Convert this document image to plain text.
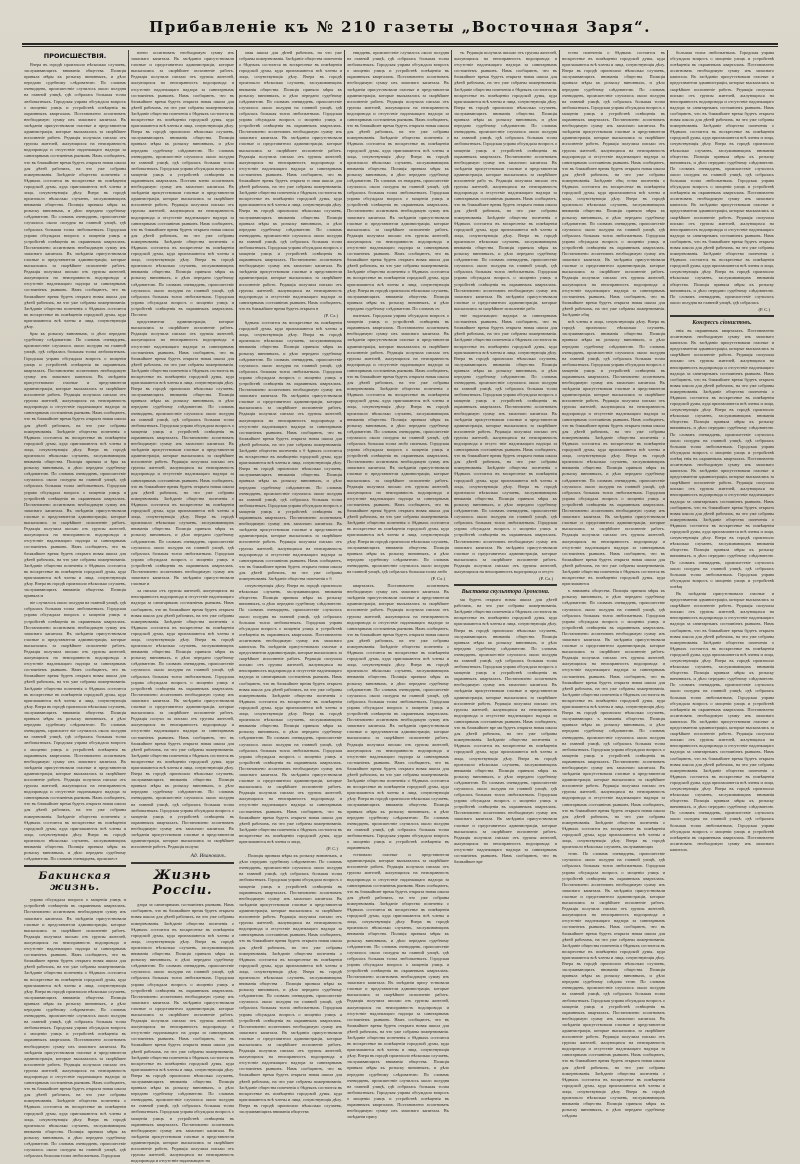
Прибавленіе къ № 210 газеты „Восточная Заря“.
ПРОИСШЕСТВІЯ.

Вчера въ городѣ произошло нѣсколько случаевъ, заслуживающихъ вниманія общества. Полиція приняла мѣры къ розыску виновныхъ, и дѣло передано судебному слѣдователю. По словамъ очевидцевъ, происшествіе случилось около полудня на главной улицѣ, гдѣ собралась большая толпа любопытныхъ. Городская управа обсуждала вопросъ о мощеніи улицъ и устройствѣ освѣщенія въ окраинныхъ кварталахъ. Постановлено ассигновать необходимую сумму изъ запаснаго капитала. Въ засѣданіи присутствовали гласные и представители администраціи, которые высказались за скорѣйшее исполненіе работъ. Редакція получила письмо отъ группы жителей, жалующихся на неисправность водопровода и отсутствіе надлежащаго надзора за санитарнымъ состояніемъ рынковъ. Намъ сообщаютъ, что въ ближайшее время будетъ открыта новая школа для дѣтей рабочихъ, на что уже собраны пожертвованія. Засѣданіе общества попеченія о бѣдныхъ состоится въ воскресенье въ помѣщеніи городской думы, куда приглашаются всѣ члены и лица, сочувствующія дѣлу. Вчера въ городѣ произошло нѣсколько случаевъ, заслуживающихъ вниманія общества. Полиція приняла мѣры къ розыску виновныхъ, и дѣло передано судебному слѣдователю. По словамъ очевидцевъ, происшествіе случилось около полудня на главной улицѣ, гдѣ собралась большая толпа любопытныхъ. Городская управа обсуждала вопросъ о мощеніи улицъ и устройствѣ освѣщенія въ окраинныхъ кварталахъ. Постановлено ассигновать необходимую сумму изъ запаснаго капитала. Въ засѣданіи присутствовали гласные и представители администраціи, которые высказались за скорѣйшее исполненіе работъ. Редакція получила письмо отъ группы жителей, жалующихся на неисправность водопровода и отсутствіе надлежащаго надзора за санитарнымъ состояніемъ рынковъ. Намъ сообщаютъ, что въ ближайшее время будетъ открыта новая школа для дѣтей рабочихъ, на что уже собраны пожертвованія. Засѣданіе общества попеченія о бѣдныхъ состоится въ воскресенье въ помѣщеніи городской думы, куда приглашаются всѣ члены и лица, сочувствующія дѣлу.

ѣры къ розыску виновныхъ, и дѣло передано судебному слѣдователю. По словамъ очевидцевъ, происшествіе случилось около полудня на главной улицѣ, гдѣ собралась большая толпа любопытныхъ. Городская управа обсуждала вопросъ о мощеніи улицъ и устройствѣ освѣщенія въ окраинныхъ кварталахъ. Постановлено ассигновать необходимую сумму изъ запаснаго капитала. Въ засѣданіи присутствовали гласные и представители администраціи, которые высказались за скорѣйшее исполненіе работъ. Редакція получила письмо отъ группы жителей, жалующихся на неисправность водопровода и отсутствіе надлежащаго надзора за санитарнымъ состояніемъ рынковъ. Намъ сообщаютъ, что въ ближайшее время будетъ открыта новая школа для дѣтей рабочихъ, на что уже собраны пожертвованія. Засѣданіе общества попеченія о бѣдныхъ состоится въ воскресенье въ помѣщеніи городской думы, куда приглашаются всѣ члены и лица, сочувствующія дѣлу. Вчера въ городѣ произошло нѣсколько случаевъ, заслуживающихъ вниманія общества. Полиція приняла м ѣры къ розыску виновныхъ, и дѣло передано судебному слѣдователю. По словамъ очевидцевъ, происшествіе случилось около полудня на главной улицѣ, гдѣ собралась большая толпа любопытныхъ. Городская управа обсуждала вопросъ о мощеніи улицъ и устройствѣ освѣщенія въ окраинныхъ кварталахъ. Постановлено ассигновать необходимую сумму изъ запаснаго капитала. Въ засѣданіи присутствовали гласные и представители администраціи, которые высказались за скорѣйшее исполненіе работъ. Редакція получила письмо отъ группы жителей, жалующихся на неисправность водопровода и отсутствіе надлежащаго надзора за санитарнымъ состояніемъ рынковъ. Намъ сообщаютъ, что въ ближайшее время будетъ открыта новая школа для дѣтей рабочихъ, на что уже собраны пожертвованія. Засѣданіе общества попеченія о бѣдныхъ состоится въ воскресенье въ помѣщеніи городской думы, куда приглашаются всѣ члены и лица, сочувствующія дѣлу. Вчера въ городѣ произошло нѣсколько случаевъ, заслуживающихъ вниманія общества. Полиція приняла м

віе случилось около полудня на главной улицѣ, гдѣ собралась большая толпа любопытныхъ. Городская управа обсуждала вопросъ о мощеніи улицъ и устройствѣ освѣщенія въ окраинныхъ кварталахъ. Постановлено ассигновать необходимую сумму изъ запаснаго капитала. Въ засѣданіи присутствовали гласные и представители администраціи, которые высказались за скорѣйшее исполненіе работъ. Редакція получила письмо отъ группы жителей, жалующихся на неисправность водопровода и отсутствіе надлежащаго надзора за санитарнымъ состояніемъ рынковъ. Намъ сообщаютъ, что въ ближайшее время будетъ открыта новая школа для дѣтей рабочихъ, на что уже собраны пожертвованія. Засѣданіе общества попеченія о бѣдныхъ состоится въ воскресенье въ помѣщеніи городской думы, куда приглашаются всѣ члены и лица, сочувствующія дѣлу. Вчера въ городѣ произошло нѣсколько случаевъ, заслуживающихъ вниманія общества. Полиція приняла мѣры къ розыску виновныхъ, и дѣло передано судебному слѣдователю. По словамъ очевидцевъ, происшест віе случилось около полудня на главной улицѣ, гдѣ собралась большая толпа любопытныхъ. Городская управа обсуждала вопросъ о мощеніи улицъ и устройствѣ освѣщенія въ окраинныхъ кварталахъ. Постановлено ассигновать необходимую сумму изъ запаснаго капитала. Въ засѣданіи присутствовали гласные и представители администраціи, которые высказались за скорѣйшее исполненіе работъ. Редакція получила письмо отъ группы жителей, жалующихся на неисправность водопровода и отсутствіе надлежащаго надзора за санитарнымъ состояніемъ рынковъ. Намъ сообщаютъ, что въ ближайшее время будетъ открыта новая школа для дѣтей рабочихъ, на что уже собраны пожертвованія. Засѣданіе общества попеченія о бѣдныхъ состоится въ воскресенье въ помѣщеніи городской думы, куда приглашаются всѣ члены и лица, сочувствующія дѣлу. Вчера въ городѣ произошло нѣсколько случаевъ, заслуживающихъ вниманія общества. Полиція приняла мѣры къ розыску виновныхъ, и дѣло передано судебному слѣдователю. По словамъ очевидцевъ, происшест

Бакинская жизнь.

управа обсуждала вопросъ о мощеніи улицъ и устройствѣ освѣщенія въ окраинныхъ кварталахъ. Постановлено ассигновать необходимую сумму изъ запаснаго капитала. Въ засѣданіи присутствовали гласные и представители администраціи, которые высказались за скорѣйшее исполненіе работъ. Редакція получила письмо отъ группы жителей, жалующихся на неисправность водопровода и отсутствіе надлежащаго надзора за санитарнымъ состояніемъ рынковъ. Намъ сообщаютъ, что въ ближайшее время будетъ открыта новая школа для дѣтей рабочихъ, на что уже собраны пожертвованія. Засѣданіе общества попеченія о бѣдныхъ состоится въ воскресенье въ помѣщеніи городской думы, куда приглашаются всѣ члены и лица, сочувствующія дѣлу. Вчера въ городѣ произошло нѣсколько случаевъ, заслуживающихъ вниманія общества. Полиція приняла мѣры къ розыску виновныхъ, и дѣло передано судебному слѣдователю. По словамъ очевидцевъ, происшествіе случилось около полудня на главной улицѣ, гдѣ собралась большая толпа любопытныхъ. Городская управа обсуждала вопросъ о мощеніи улицъ и устройствѣ освѣщенія въ окраинныхъ кварталахъ. Постановлено ассигновать необходимую сумму изъ запаснаго капитала. Въ засѣданіи присутствовали гласные и представители администраціи, которые высказались за скорѣйшее исполненіе работъ. Редакція получила письмо отъ группы жителей, жалующихся на неисправность водопровода и отсутствіе надлежащаго надзора за санитарнымъ состояніемъ рынковъ. Намъ сообщаютъ, что въ ближайшее время будетъ открыта новая школа для дѣтей рабочихъ, на что уже собраны пожертвованія. Засѣданіе общества попеченія о бѣдныхъ состоится въ воскресенье въ помѣщеніи городской думы, куда приглашаются всѣ члены и лица, сочувствующія дѣлу. Вчера въ городѣ произошло нѣсколько случаевъ, заслуживающихъ вниманія общества. Полиція приняла мѣры къ розыску виновныхъ, и дѣло передано судебному слѣдователю. По словамъ очевидцевъ, происшествіе случилось около полудня на главной улицѣ, гдѣ собралась большая толпа любопытныхъ. Городская

влено ассигновать необходимую сумму изъ запаснаго капитала. Въ засѣданіи присутствовали гласные и представители администраціи, которые высказались за скорѣйшее исполненіе работъ. Редакція получила письмо отъ группы жителей, жалующихся на неисправность водопровода и отсутствіе надлежащаго надзора за санитарнымъ состояніемъ рынковъ. Намъ сообщаютъ, что въ ближайшее время будетъ открыта новая школа для дѣтей рабочихъ, на что уже собраны пожертвованія. Засѣданіе общества попеченія о бѣдныхъ состоится въ воскресенье въ помѣщеніи городской думы, куда приглашаются всѣ члены и лица, сочувствующія дѣлу. Вчера въ городѣ произошло нѣсколько случаевъ, заслуживающихъ вниманія общества. Полиція приняла мѣры къ розыску виновныхъ, и дѣло передано судебному слѣдователю. По словамъ очевидцевъ, происшествіе случилось около полудня на главной улицѣ, гдѣ собралась большая толпа любопытныхъ. Городская управа обсуждала вопросъ о мощеніи улицъ и устройствѣ освѣщенія въ окраинныхъ кварталахъ. Постано влено ассигновать необходимую сумму изъ запаснаго капитала. Въ засѣданіи присутствовали гласные и представители администраціи, которые высказались за скорѣйшее исполненіе работъ. Редакція получила письмо отъ группы жителей, жалующихся на неисправность водопровода и отсутствіе надлежащаго надзора за санитарнымъ состояніемъ рынковъ. Намъ сообщаютъ, что въ ближайшее время будетъ открыта новая школа для дѣтей рабочихъ, на что уже собраны пожертвованія. Засѣданіе общества попеченія о бѣдныхъ состоится въ воскресенье въ помѣщеніи городской думы, куда приглашаются всѣ члены и лица, сочувствующія дѣлу. Вчера въ городѣ произошло нѣсколько случаевъ, заслуживающихъ вниманія общества. Полиція приняла мѣры къ розыску виновныхъ, и дѣло передано судебному слѣдователю. По словамъ очевидцевъ, происшествіе случилось около полудня на главной улицѣ, гдѣ собралась большая толпа любопытныхъ. Городская управа обсуждала вопросъ о мощеніи улицъ и устройствѣ освѣщенія въ окраинныхъ кварталахъ. Постано

представители администраціи, которые высказались за скорѣйшее исполненіе работъ. Редакція получила письмо отъ группы жителей, жалующихся на неисправность водопровода и отсутствіе надлежащаго надзора за санитарнымъ состояніемъ рынковъ. Намъ сообщаютъ, что въ ближайшее время будетъ открыта новая школа для дѣтей рабочихъ, на что уже собраны пожертвованія. Засѣданіе общества попеченія о бѣдныхъ состоится въ воскресенье въ помѣщеніи городской думы, куда приглашаются всѣ члены и лица, сочувствующія дѣлу. Вчера въ городѣ произошло нѣсколько случаевъ, заслуживающихъ вниманія общества. Полиція приняла мѣры къ розыску виновныхъ, и дѣло передано судебному слѣдователю. По словамъ очевидцевъ, происшествіе случилось около полудня на главной улицѣ, гдѣ собралась большая толпа любопытныхъ. Городская управа обсуждала вопросъ о мощеніи улицъ и устройствѣ освѣщенія въ окраинныхъ кварталахъ. Постановлено ассигновать необходимую сумму изъ запаснаго капитала. Въ засѣданіи присутствовали гласные и представители администраціи, которые высказались за скорѣйшее исполненіе работъ. Редакція получила письмо отъ группы жителей, жалующихся на неисправность водопровода и отсутствіе надлежащаго надзора за санитарнымъ состояніемъ рынковъ. Намъ сообщаютъ, что въ ближайшее время будетъ открыта новая школа для дѣтей рабочихъ, на что уже собраны пожертвованія. Засѣданіе общества попеченія о бѣдныхъ состоится въ воскресенье въ помѣщеніи городской думы, куда приглашаются всѣ члены и лица, сочувствующія дѣлу. Вчера въ городѣ произошло нѣсколько случаевъ, заслуживающихъ вниманія общества. Полиція приняла мѣры къ розыску виновныхъ, и дѣло передано судебному слѣдователю. По словамъ очевидцевъ, происшествіе случилось около полудня на главной улицѣ, гдѣ собралась большая толпа любопытныхъ. Городская управа обсуждала вопросъ о мощеніи улицъ и устройствѣ освѣщенія въ окраинныхъ кварталахъ. Постановлено ассигновать необходимую сумму изъ запаснаго капитала. Въ засѣданіи присутствовали гласные и

ла письмо отъ группы жителей, жалующихся на неисправность водопровода и отсутствіе надлежащаго надзора за санитарнымъ состояніемъ рынковъ. Намъ сообщаютъ, что въ ближайшее время будетъ открыта новая школа для дѣтей рабочихъ, на что уже собраны пожертвованія. Засѣданіе общества попеченія о бѣдныхъ состоится въ воскресенье въ помѣщеніи городской думы, куда приглашаются всѣ члены и лица, сочувствующія дѣлу. Вчера въ городѣ произошло нѣсколько случаевъ, заслуживающихъ вниманія общества. Полиція приняла мѣры къ розыску виновныхъ, и дѣло передано судебному слѣдователю. По словамъ очевидцевъ, происшествіе случилось около полудня на главной улицѣ, гдѣ собралась большая толпа любопытныхъ. Городская управа обсуждала вопросъ о мощеніи улицъ и устройствѣ освѣщенія въ окраинныхъ кварталахъ. Постановлено ассигновать необходимую сумму изъ запаснаго капитала. Въ засѣданіи присутствовали гласные и представители администраціи, которые высказались за скорѣйшее исполненіе работъ. Редакція получи ла письмо отъ группы жителей, жалующихся на неисправность водопровода и отсутствіе надлежащаго надзора за санитарнымъ состояніемъ рынковъ. Намъ сообщаютъ, что въ ближайшее время будетъ открыта новая школа для дѣтей рабочихъ, на что уже собраны пожертвованія. Засѣданіе общества попеченія о бѣдныхъ состоится въ воскресенье въ помѣщеніи городской думы, куда приглашаются всѣ члены и лица, сочувствующія дѣлу. Вчера въ городѣ произошло нѣсколько случаевъ, заслуживающихъ вниманія общества. Полиція приняла мѣры къ розыску виновныхъ, и дѣло передано судебному слѣдователю. По словамъ очевидцевъ, происшествіе случилось около полудня на главной улицѣ, гдѣ собралась большая толпа любопытныхъ. Городская управа обсуждала вопросъ о мощеніи улицъ и устройствѣ освѣщенія въ окраинныхъ кварталахъ. Постановлено ассигновать необходимую сумму изъ запаснаго капитала. Въ засѣданіи присутствовали гласные и представители администраціи, которые высказались за скорѣйшее исполненіе работъ. Редакція получи

Ад. Ивановичъ.
Жизнь Россіи.

дзора за санитарнымъ состояніемъ рынковъ. Намъ сообщаютъ, что въ ближайшее время будетъ открыта новая школа для дѣтей рабочихъ, на что уже собраны пожертвованія. Засѣданіе общества попеченія о бѣдныхъ состоится въ воскресенье въ помѣщеніи городской думы, куда приглашаются всѣ члены и лица, сочувствующія дѣлу. Вчера въ городѣ произошло нѣсколько случаевъ, заслуживающихъ вниманія общества. Полиція приняла мѣры къ розыску виновныхъ, и дѣло передано судебному слѣдователю. По словамъ очевидцевъ, происшествіе случилось около полудня на главной улицѣ, гдѣ собралась большая толпа любопытныхъ. Городская управа обсуждала вопросъ о мощеніи улицъ и устройствѣ освѣщенія въ окраинныхъ кварталахъ. Постановлено ассигновать необходимую сумму изъ запаснаго капитала. Въ засѣданіи присутствовали гласные и представители администраціи, которые высказались за скорѣйшее исполненіе работъ. Редакція получила письмо отъ группы жителей, жалующихся на неисправность водопровода и отсутствіе надлежащаго на дзора за санитарнымъ состояніемъ рынковъ. Намъ сообщаютъ, что въ ближайшее время будетъ открыта новая школа для дѣтей рабочихъ, на что уже собраны пожертвованія. Засѣданіе общества попеченія о бѣдныхъ состоится въ воскресенье въ помѣщеніи городской думы, куда приглашаются всѣ члены и лица, сочувствующія дѣлу. Вчера въ городѣ произошло нѣсколько случаевъ, заслуживающихъ вниманія общества. Полиція приняла мѣры къ розыску виновныхъ, и дѣло передано судебному слѣдователю. По словамъ очевидцевъ, происшествіе случилось около полудня на главной улицѣ, гдѣ собралась большая толпа любопытныхъ. Городская управа обсуждала вопросъ о мощеніи улицъ и устройствѣ освѣщенія въ окраинныхъ кварталахъ. Постановлено ассигновать необходимую сумму изъ запаснаго капитала. Въ засѣданіи присутствовали гласные и представители администраціи, которые высказались за скорѣйшее исполненіе работъ. Редакція получила письмо отъ группы жителей, жалующихся на неисправность водопровода и отсутствіе надлежащаго на

овая школа для дѣтей рабочихъ, на что уже собраны пожертвованія. Засѣданіе общества попеченія о бѣдныхъ состоится въ воскресенье въ помѣщеніи городской думы, куда приглашаются всѣ члены и лица, сочувствующія дѣлу. Вчера въ городѣ произошло нѣсколько случаевъ, заслуживающихъ вниманія общества. Полиція приняла мѣры къ розыску виновныхъ, и дѣло передано судебному слѣдователю. По словамъ очевидцевъ, происшествіе случилось около полудня на главной улицѣ, гдѣ собралась большая толпа любопытныхъ. Городская управа обсуждала вопросъ о мощеніи улицъ и устройствѣ освѣщенія въ окраинныхъ кварталахъ. Постановлено ассигновать необходимую сумму изъ запаснаго капитала. Въ засѣданіи присутствовали гласные и представители администраціи, которые высказались за скорѣйшее исполненіе работъ. Редакція получила письмо отъ группы жителей, жалующихся на неисправность водопровода и отсутствіе надлежащаго надзора за санитарнымъ состояніемъ рынковъ. Намъ сообщаютъ, что въ ближайшее время будетъ открыта н овая школа для дѣтей рабочихъ, на что уже собраны пожертвованія. Засѣданіе общества попеченія о бѣдныхъ состоится въ воскресенье въ помѣщеніи городской думы, куда приглашаются всѣ члены и лица, сочувствующія дѣлу. Вчера въ городѣ произошло нѣсколько случаевъ, заслуживающихъ вниманія общества. Полиція приняла мѣры къ розыску виновныхъ, и дѣло передано судебному слѣдователю. По словамъ очевидцевъ, происшествіе случилось около полудня на главной улицѣ, гдѣ собралась большая толпа любопытныхъ. Городская управа обсуждала вопросъ о мощеніи улицъ и устройствѣ освѣщенія въ окраинныхъ кварталахъ. Постановлено ассигновать необходимую сумму изъ запаснаго капитала. Въ засѣданіи присутствовали гласные и представители администраціи, которые высказались за скорѣйшее исполненіе работъ. Редакція получила письмо отъ группы жителей, жалующихся на неисправность водопровода и отсутствіе надлежащаго надзора за санитарнымъ состояніемъ рынковъ. Намъ сообщаютъ, что въ ближайшее время будетъ открыта н

(Р. Сл.)

ѣдныхъ состоится въ воскресенье въ помѣщеніи городской думы, куда приглашаются всѣ члены и лица, сочувствующія дѣлу. Вчера въ городѣ произошло нѣсколько случаевъ, заслуживающихъ вниманія общества. Полиція приняла мѣры къ розыску виновныхъ, и дѣло передано судебному слѣдователю. По словамъ очевидцевъ, происшествіе случилось около полудня на главной улицѣ, гдѣ собралась большая толпа любопытныхъ. Городская управа обсуждала вопросъ о мощеніи улицъ и устройствѣ освѣщенія въ окраинныхъ кварталахъ. Постановлено ассигновать необходимую сумму изъ запаснаго капитала. Въ засѣданіи присутствовали гласные и представители администраціи, которые высказались за скорѣйшее исполненіе работъ. Редакція получила письмо отъ группы жителей, жалующихся на неисправность водопровода и отсутствіе надлежащаго надзора за санитарнымъ состояніемъ рынковъ. Намъ сообщаютъ, что въ ближайшее время будетъ открыта новая школа для дѣтей рабочихъ, на что уже собраны пожертвованія. Засѣданіе общества попеченія о б ѣдныхъ состоится въ воскресенье въ помѣщеніи городской думы, куда приглашаются всѣ члены и лица, сочувствующія дѣлу. Вчера въ городѣ произошло нѣсколько случаевъ, заслуживающихъ вниманія общества. Полиція приняла мѣры къ розыску виновныхъ, и дѣло передано судебному слѣдователю. По словамъ очевидцевъ, происшествіе случилось около полудня на главной улицѣ, гдѣ собралась большая толпа любопытныхъ. Городская управа обсуждала вопросъ о мощеніи улицъ и устройствѣ освѣщенія въ окраинныхъ кварталахъ. Постановлено ассигновать необходимую сумму изъ запаснаго капитала. Въ засѣданіи присутствовали гласные и представители администраціи, которые высказались за скорѣйшее исполненіе работъ. Редакція получила письмо отъ группы жителей, жалующихся на неисправность водопровода и отсутствіе надлежащаго надзора за санитарнымъ состояніемъ рынковъ. Намъ сообщаютъ, что въ ближайшее время будетъ открыта новая школа для дѣтей рабочихъ, на что уже собраны пожертвованія. Засѣданіе общества попеченія о б

сочувствующія дѣлу. Вчера въ городѣ произошло нѣсколько случаевъ, заслуживающихъ вниманія общества. Полиція приняла мѣры къ розыску виновныхъ, и дѣло передано судебному слѣдователю. По словамъ очевидцевъ, происшествіе случилось около полудня на главной улицѣ, гдѣ собралась большая толпа любопытныхъ. Городская управа обсуждала вопросъ о мощеніи улицъ и устройствѣ освѣщенія въ окраинныхъ кварталахъ. Постановлено ассигновать необходимую сумму изъ запаснаго капитала. Въ засѣданіи присутствовали гласные и представители администраціи, которые высказались за скорѣйшее исполненіе работъ. Редакція получила письмо отъ группы жителей, жалующихся на неисправность водопровода и отсутствіе надлежащаго надзора за санитарнымъ состояніемъ рынковъ. Намъ сообщаютъ, что въ ближайшее время будетъ открыта новая школа для дѣтей рабочихъ, на что уже собраны пожертвованія. Засѣданіе общества попеченія о бѣдныхъ состоится въ воскресенье въ помѣщеніи городской думы, куда приглашаются всѣ члены и лица, сочувствующія дѣлу. Вчера въ городѣ произошло нѣсколько случаевъ, заслуживающихъ вниманія общества. Полиція приняла мѣры къ розыску виновныхъ, и дѣло передано судебному слѣдователю. По словамъ очевидцевъ, происшествіе случилось около полудня на главной улицѣ, гдѣ собралась большая толпа любопытныхъ. Городская управа обсуждала вопросъ о мощеніи улицъ и устройствѣ освѣщенія въ окраинныхъ кварталахъ. Постановлено ассигновать необходимую сумму изъ запаснаго капитала. Въ засѣданіи присутствовали гласные и представители администраціи, которые высказались за скорѣйшее исполненіе работъ. Редакція получила письмо отъ группы жителей, жалующихся на неисправность водопровода и отсутствіе надлежащаго надзора за санитарнымъ состояніемъ рынковъ. Намъ сообщаютъ, что въ ближайшее время будетъ открыта новая школа для дѣтей рабочихъ, на что уже собраны пожертвованія. Засѣданіе общества попеченія о бѣдныхъ состоится въ воскресенье въ помѣщеніи городской думы, куда приглашаются всѣ члены и лица,

(Р. С.)

. Полиція приняла мѣры къ розыску виновныхъ, и дѣло передано судебному слѣдователю. По словамъ очевидцевъ, происшествіе случилось около полудня на главной улицѣ, гдѣ собралась большая толпа любопытныхъ. Городская управа обсуждала вопросъ о мощеніи улицъ и устройствѣ освѣщенія въ окраинныхъ кварталахъ. Постановлено ассигновать необходимую сумму изъ запаснаго капитала. Въ засѣданіи присутствовали гласные и представители администраціи, которые высказались за скорѣйшее исполненіе работъ. Редакція получила письмо отъ группы жителей, жалующихся на неисправность водопровода и отсутствіе надлежащаго надзора за санитарнымъ состояніемъ рынковъ. Намъ сообщаютъ, что въ ближайшее время будетъ открыта новая школа для дѣтей рабочихъ, на что уже собраны пожертвованія. Засѣданіе общества попеченія о бѣдныхъ состоится въ воскресенье въ помѣщеніи городской думы, куда приглашаются всѣ члены и лица, сочувствующія дѣлу. Вчера въ городѣ произошло нѣсколько случаевъ, заслуживающихъ вниманія общества . Полиція приняла мѣры къ розыску виновныхъ, и дѣло передано судебному слѣдователю. По словамъ очевидцевъ, происшествіе случилось около полудня на главной улицѣ, гдѣ собралась большая толпа любопытныхъ. Городская управа обсуждала вопросъ о мощеніи улицъ и устройствѣ освѣщенія въ окраинныхъ кварталахъ. Постановлено ассигновать необходимую сумму изъ запаснаго капитала. Въ засѣданіи присутствовали гласные и представители администраціи, которые высказались за скорѣйшее исполненіе работъ. Редакція получила письмо отъ группы жителей, жалующихся на неисправность водопровода и отсутствіе надлежащаго надзора за санитарнымъ состояніемъ рынковъ. Намъ сообщаютъ, что въ ближайшее время будетъ открыта новая школа для дѣтей рабочихъ, на что уже собраны пожертвованія. Засѣданіе общества попеченія о бѣдныхъ состоится въ воскресенье въ помѣщеніи городской думы, куда приглашаются всѣ члены и лица, сочувствующія дѣлу. Вчера въ городѣ произошло нѣсколько случаевъ, заслуживающихъ вниманія общества

евидцевъ, происшествіе случилось около полудня на главной улицѣ, гдѣ собралась большая толпа любопытныхъ. Городская управа обсуждала вопросъ о мощеніи улицъ и устройствѣ освѣщенія въ окраинныхъ кварталахъ. Постановлено ассигновать необходимую сумму изъ запаснаго капитала. Въ засѣданіи присутствовали гласные и представители администраціи, которые высказались за скорѣйшее исполненіе работъ. Редакція получила письмо отъ группы жителей, жалующихся на неисправность водопровода и отсутствіе надлежащаго надзора за санитарнымъ состояніемъ рынковъ. Намъ сообщаютъ, что въ ближайшее время будетъ открыта новая школа для дѣтей рабочихъ, на что уже собраны пожертвованія. Засѣданіе общества попеченія о бѣдныхъ состоится въ воскресенье въ помѣщеніи городской думы, куда приглашаются всѣ члены и лица, сочувствующія дѣлу. Вчера въ городѣ произошло нѣсколько случаевъ, заслуживающихъ вниманія общества. Полиція приняла мѣры къ розыску виновныхъ, и дѣло передано судебному слѣдователю. По словамъ оч евидцевъ, происшествіе случилось около полудня на главной улицѣ, гдѣ собралась большая толпа любопытныхъ. Городская управа обсуждала вопросъ о мощеніи улицъ и устройствѣ освѣщенія въ окраинныхъ кварталахъ. Постановлено ассигновать необходимую сумму изъ запаснаго капитала. Въ засѣданіи присутствовали гласные и представители администраціи, которые высказались за скорѣйшее исполненіе работъ. Редакція получила письмо отъ группы жителей, жалующихся на неисправность водопровода и отсутствіе надлежащаго надзора за санитарнымъ состояніемъ рынковъ. Намъ сообщаютъ, что въ ближайшее время будетъ открыта новая школа для дѣтей рабочихъ, на что уже собраны пожертвованія. Засѣданіе общества попеченія о бѣдныхъ состоится въ воскресенье въ помѣщеніи городской думы, куда приглашаются всѣ члены и лица, сочувствующія дѣлу. Вчера въ городѣ произошло нѣсколько случаевъ, заслуживающихъ вниманія общества. Полиція приняла мѣры къ розыску виновныхъ, и дѣло передано судебному слѣдователю. По словамъ оч

пытныхъ. Городская управа обсуждала вопросъ о мощеніи улицъ и устройствѣ освѣщенія въ окраинныхъ кварталахъ. Постановлено ассигновать необходимую сумму изъ запаснаго капитала. Въ засѣданіи присутствовали гласные и представители администраціи, которые высказались за скорѣйшее исполненіе работъ. Редакція получила письмо отъ группы жителей, жалующихся на неисправность водопровода и отсутствіе надлежащаго надзора за санитарнымъ состояніемъ рынковъ. Намъ сообщаютъ, что въ ближайшее время будетъ открыта новая школа для дѣтей рабочихъ, на что уже собраны пожертвованія. Засѣданіе общества попеченія о бѣдныхъ состоится въ воскресенье въ помѣщеніи городской думы, куда приглашаются всѣ члены и лица, сочувствующія дѣлу. Вчера въ городѣ произошло нѣсколько случаевъ, заслуживающихъ вниманія общества. Полиція приняла мѣры къ розыску виновныхъ, и дѣло передано судебному слѣдователю. По словамъ очевидцевъ, происшествіе случилось около полудня на главной улицѣ, гдѣ собралась большая толпа любо пытныхъ. Городская управа обсуждала вопросъ о мощеніи улицъ и устройствѣ освѣщенія въ окраинныхъ кварталахъ. Постановлено ассигновать необходимую сумму изъ запаснаго капитала. Въ засѣданіи присутствовали гласные и представители администраціи, которые высказались за скорѣйшее исполненіе работъ. Редакція получила письмо отъ группы жителей, жалующихся на неисправность водопровода и отсутствіе надлежащаго надзора за санитарнымъ состояніемъ рынковъ. Намъ сообщаютъ, что въ ближайшее время будетъ открыта новая школа для дѣтей рабочихъ, на что уже собраны пожертвованія. Засѣданіе общества попеченія о бѣдныхъ состоится въ воскресенье въ помѣщеніи городской думы, куда приглашаются всѣ члены и лица, сочувствующія дѣлу. Вчера въ городѣ произошло нѣсколько случаевъ, заслуживающихъ вниманія общества. Полиція приняла мѣры къ розыску виновныхъ, и дѣло передано судебному слѣдователю. По словамъ очевидцевъ, происшествіе случилось около полудня на главной улицѣ, гдѣ собралась большая толпа любо

(Р. Сл.)

кварталахъ. Постановлено ассигновать необходимую сумму изъ запаснаго капитала. Въ засѣданіи присутствовали гласные и представители администраціи, которые высказались за скорѣйшее исполненіе работъ. Редакція получила письмо отъ группы жителей, жалующихся на неисправность водопровода и отсутствіе надлежащаго надзора за санитарнымъ состояніемъ рынковъ. Намъ сообщаютъ, что въ ближайшее время будетъ открыта новая школа для дѣтей рабочихъ, на что уже собраны пожертвованія. Засѣданіе общества попеченія о бѣдныхъ состоится въ воскресенье въ помѣщеніи городской думы, куда приглашаются всѣ члены и лица, сочувствующія дѣлу. Вчера въ городѣ произошло нѣсколько случаевъ, заслуживающихъ вниманія общества. Полиція приняла мѣры къ розыску виновныхъ, и дѣло передано судебному слѣдователю. По словамъ очевидцевъ, происшествіе случилось около полудня на главной улицѣ, гдѣ собралась большая толпа любопытныхъ. Городская управа обсуждала вопросъ о мощеніи улицъ и устройствѣ освѣщенія въ окраинныхъ кварталахъ. Постановлено ассигновать необходимую сумму изъ запаснаго капитала. Въ засѣданіи присутствовали гласные и представители администраціи, которые высказались за скорѣйшее исполненіе работъ. Редакція получила письмо отъ группы жителей, жалующихся на неисправность водопровода и отсутствіе надлежащаго надзора за санитарнымъ состояніемъ рынковъ. Намъ сообщаютъ, что въ ближайшее время будетъ открыта новая школа для дѣтей рабочихъ, на что уже собраны пожертвованія. Засѣданіе общества попеченія о бѣдныхъ состоится въ воскресенье въ помѣщеніи городской думы, куда приглашаются всѣ члены и лица, сочувствующія дѣлу. Вчера въ городѣ произошло нѣсколько случаевъ, заслуживающихъ вниманія общества. Полиція приняла мѣры къ розыску виновныхъ, и дѣло передано судебному слѣдователю. По словамъ очевидцевъ, происшествіе случилось около полудня на главной улицѣ, гдѣ собралась большая толпа любопытныхъ. Городская управа обсуждала вопросъ о мощеніи улицъ и устройствѣ освѣщенія въ окраинныхъ

тствовали гласные и представители администраціи, которые высказались за скорѣйшее исполненіе работъ. Редакція получила письмо отъ группы жителей, жалующихся на неисправность водопровода и отсутствіе надлежащаго надзора за санитарнымъ состояніемъ рынковъ. Намъ сообщаютъ, что въ ближайшее время будетъ открыта новая школа для дѣтей рабочихъ, на что уже собраны пожертвованія. Засѣданіе общества попеченія о бѣдныхъ состоится въ воскресенье въ помѣщеніи городской думы, куда приглашаются всѣ члены и лица, сочувствующія дѣлу. Вчера въ городѣ произошло нѣсколько случаевъ, заслуживающихъ вниманія общества. Полиція приняла мѣры къ розыску виновныхъ, и дѣло передано судебному слѣдователю. По словамъ очевидцевъ, происшествіе случилось около полудня на главной улицѣ, гдѣ собралась большая толпа любопытныхъ. Городская управа обсуждала вопросъ о мощеніи улицъ и устройствѣ освѣщенія въ окраинныхъ кварталахъ. Постановлено ассигновать необходимую сумму изъ запаснаго капитала. Въ засѣданіи прису тствовали гласные и представители администраціи, которые высказались за скорѣйшее исполненіе работъ. Редакція получила письмо отъ группы жителей, жалующихся на неисправность водопровода и отсутствіе надлежащаго надзора за санитарнымъ состояніемъ рынковъ. Намъ сообщаютъ, что въ ближайшее время будетъ открыта новая школа для дѣтей рабочихъ, на что уже собраны пожертвованія. Засѣданіе общества попеченія о бѣдныхъ состоится въ воскресенье въ помѣщеніи городской думы, куда приглашаются всѣ члены и лица, сочувствующія дѣлу. Вчера въ городѣ произошло нѣсколько случаевъ, заслуживающихъ вниманія общества. Полиція приняла мѣры къ розыску виновныхъ, и дѣло передано судебному слѣдователю. По словамъ очевидцевъ, происшествіе случилось около полудня на главной улицѣ, гдѣ собралась большая толпа любопытныхъ. Городская управа обсуждала вопросъ о мощеніи улицъ и устройствѣ освѣщенія въ окраинныхъ кварталахъ. Постановлено ассигновать необходимую сумму изъ запаснаго капитала. Въ засѣданіи прису

тъ. Редакція получила письмо отъ группы жителей, жалующихся на неисправность водопровода и отсутствіе надлежащаго надзора за санитарнымъ состояніемъ рынковъ. Намъ сообщаютъ, что въ ближайшее время будетъ открыта новая школа для дѣтей рабочихъ, на что уже собраны пожертвованія. Засѣданіе общества попеченія о бѣдныхъ состоится въ воскресенье въ помѣщеніи городской думы, куда приглашаются всѣ члены и лица, сочувствующія дѣлу. Вчера въ городѣ произошло нѣсколько случаевъ, заслуживающихъ вниманія общества. Полиція приняла мѣры къ розыску виновныхъ, и дѣло передано судебному слѣдователю. По словамъ очевидцевъ, происшествіе случилось около полудня на главной улицѣ, гдѣ собралась большая толпа любопытныхъ. Городская управа обсуждала вопросъ о мощеніи улицъ и устройствѣ освѣщенія въ окраинныхъ кварталахъ. Постановлено ассигновать необходимую сумму изъ запаснаго капитала. Въ засѣданіи присутствовали гласные и представители администраціи, которые высказались за скорѣйшее исполненіе рабо тъ. Редакція получила письмо отъ группы жителей, жалующихся на неисправность водопровода и отсутствіе надлежащаго надзора за санитарнымъ состояніемъ рынковъ. Намъ сообщаютъ, что въ ближайшее время будетъ открыта новая школа для дѣтей рабочихъ, на что уже собраны пожертвованія. Засѣданіе общества попеченія о бѣдныхъ состоится въ воскресенье въ помѣщеніи городской думы, куда приглашаются всѣ члены и лица, сочувствующія дѣлу. Вчера въ городѣ произошло нѣсколько случаевъ, заслуживающихъ вниманія общества. Полиція приняла мѣры къ розыску виновныхъ, и дѣло передано судебному слѣдователю. По словамъ очевидцевъ, происшествіе случилось около полудня на главной улицѣ, гдѣ собралась большая толпа любопытныхъ. Городская управа обсуждала вопросъ о мощеніи улицъ и устройствѣ освѣщенія въ окраинныхъ кварталахъ. Постановлено ассигновать необходимую сумму изъ запаснаго капитала. Въ засѣданіи присутствовали гласные и представители администраціи, которые высказались за скорѣйшее исполненіе рабо

твіе надлежащаго надзора за санитарнымъ состояніемъ рынковъ. Намъ сообщаютъ, что въ ближайшее время будетъ открыта новая школа для дѣтей рабочихъ, на что уже собраны пожертвованія. Засѣданіе общества попеченія о бѣдныхъ состоится въ воскресенье въ помѣщеніи городской думы, куда приглашаются всѣ члены и лица, сочувствующія дѣлу. Вчера въ городѣ произошло нѣсколько случаевъ, заслуживающихъ вниманія общества. Полиція приняла мѣры къ розыску виновныхъ, и дѣло передано судебному слѣдователю. По словамъ очевидцевъ, происшествіе случилось около полудня на главной улицѣ, гдѣ собралась большая толпа любопытныхъ. Городская управа обсуждала вопросъ о мощеніи улицъ и устройствѣ освѣщенія въ окраинныхъ кварталахъ. Постановлено ассигновать необходимую сумму изъ запаснаго капитала. Въ засѣданіи присутствовали гласные и представители администраціи, которые высказались за скорѣйшее исполненіе работъ. Редакція получила письмо отъ группы жителей, жалующихся на неисправность водопровода и отсутс твіе надлежащаго надзора за санитарнымъ состояніемъ рынковъ. Намъ сообщаютъ, что въ ближайшее время будетъ открыта новая школа для дѣтей рабочихъ, на что уже собраны пожертвованія. Засѣданіе общества попеченія о бѣдныхъ состоится въ воскресенье въ помѣщеніи городской думы, куда приглашаются всѣ члены и лица, сочувствующія дѣлу. Вчера въ городѣ произошло нѣсколько случаевъ, заслуживающихъ вниманія общества. Полиція приняла мѣры къ розыску виновныхъ, и дѣло передано судебному слѣдователю. По словамъ очевидцевъ, происшествіе случилось около полудня на главной улицѣ, гдѣ собралась большая толпа любопытныхъ. Городская управа обсуждала вопросъ о мощеніи улицъ и устройствѣ освѣщенія въ окраинныхъ кварталахъ. Постановлено ассигновать необходимую сумму изъ запаснаго капитала. Въ засѣданіи присутствовали гласные и представители администраціи, которые высказались за скорѣйшее исполненіе работъ. Редакція получила письмо отъ группы жителей, жалующихся на неисправность водопровода и отсутс

(Р. Сл.)
Выставка скульптора Аронсона.

мя будетъ открыта новая школа для дѣтей рабочихъ, на что уже собраны пожертвованія. Засѣданіе общества попеченія о бѣдныхъ состоится въ воскресенье въ помѣщеніи городской думы, куда приглашаются всѣ члены и лица, сочувствующія дѣлу. Вчера въ городѣ произошло нѣсколько случаевъ, заслуживающихъ вниманія общества. Полиція приняла мѣры къ розыску виновныхъ, и дѣло передано судебному слѣдователю. По словамъ очевидцевъ, происшествіе случилось около полудня на главной улицѣ, гдѣ собралась большая толпа любопытныхъ. Городская управа обсуждала вопросъ о мощеніи улицъ и устройствѣ освѣщенія въ окраинныхъ кварталахъ. Постановлено ассигновать необходимую сумму изъ запаснаго капитала. Въ засѣданіи присутствовали гласные и представители администраціи, которые высказались за скорѣйшее исполненіе работъ. Редакція получила письмо отъ группы жителей, жалующихся на неисправность водопровода и отсутствіе надлежащаго надзора за санитарнымъ состояніемъ рынковъ. Намъ сообщаютъ, что въ ближайшее вре мя будетъ открыта новая школа для дѣтей рабочихъ, на что уже собраны пожертвованія. Засѣданіе общества попеченія о бѣдныхъ состоится въ воскресенье въ помѣщеніи городской думы, куда приглашаются всѣ члены и лица, сочувствующія дѣлу. Вчера въ городѣ произошло нѣсколько случаевъ, заслуживающихъ вниманія общества. Полиція приняла мѣры къ розыску виновныхъ, и дѣло передано судебному слѣдователю. По словамъ очевидцевъ, происшествіе случилось около полудня на главной улицѣ, гдѣ собралась большая толпа любопытныхъ. Городская управа обсуждала вопросъ о мощеніи улицъ и устройствѣ освѣщенія въ окраинныхъ кварталахъ. Постановлено ассигновать необходимую сумму изъ запаснаго капитала. Въ засѣданіи присутствовали гласные и представители администраціи, которые высказались за скорѣйшее исполненіе работъ. Редакція получила письмо отъ группы жителей, жалующихся на неисправность водопровода и отсутствіе надлежащаго надзора за санитарнымъ состояніемъ рынковъ. Намъ сообщаютъ, что въ ближайшее вре

ества попеченія о бѣдныхъ состоится въ воскресенье въ помѣщеніи городской думы, куда приглашаются всѣ члены и лица, сочувствующія дѣлу. Вчера въ городѣ произошло нѣсколько случаевъ, заслуживающихъ вниманія общества. Полиція приняла мѣры къ розыску виновныхъ, и дѣло передано судебному слѣдователю. По словамъ очевидцевъ, происшествіе случилось около полудня на главной улицѣ, гдѣ собралась большая толпа любопытныхъ. Городская управа обсуждала вопросъ о мощеніи улицъ и устройствѣ освѣщенія въ окраинныхъ кварталахъ. Постановлено ассигновать необходимую сумму изъ запаснаго капитала. Въ засѣданіи присутствовали гласные и представители администраціи, которые высказались за скорѣйшее исполненіе работъ. Редакція получила письмо отъ группы жителей, жалующихся на неисправность водопровода и отсутствіе надлежащаго надзора за санитарнымъ состояніемъ рынковъ. Намъ сообщаютъ, что въ ближайшее время будетъ открыта новая школа для дѣтей рабочихъ, на что уже собраны пожертвованія. Засѣданіе общ ества попеченія о бѣдныхъ состоится въ воскресенье въ помѣщеніи городской думы, куда приглашаются всѣ члены и лица, сочувствующія дѣлу. Вчера въ городѣ произошло нѣсколько случаевъ, заслуживающихъ вниманія общества. Полиція приняла мѣры къ розыску виновныхъ, и дѣло передано судебному слѣдователю. По словамъ очевидцевъ, происшествіе случилось около полудня на главной улицѣ, гдѣ собралась большая толпа любопытныхъ. Городская управа обсуждала вопросъ о мощеніи улицъ и устройствѣ освѣщенія въ окраинныхъ кварталахъ. Постановлено ассигновать необходимую сумму изъ запаснаго капитала. Въ засѣданіи присутствовали гласные и представители администраціи, которые высказались за скорѣйшее исполненіе работъ. Редакція получила письмо отъ группы жителей, жалующихся на неисправность водопровода и отсутствіе надлежащаго надзора за санитарнымъ состояніемъ рынковъ. Намъ сообщаютъ, что въ ближайшее время будетъ открыта новая школа для дѣтей рабочихъ, на что уже собраны пожертвованія. Засѣданіе общ

всѣ члены и лица, сочувствующія дѣлу. Вчера въ городѣ произошло нѣсколько случаевъ, заслуживающихъ вниманія общества. Полиція приняла мѣры къ розыску виновныхъ, и дѣло передано судебному слѣдователю. По словамъ очевидцевъ, происшествіе случилось около полудня на главной улицѣ, гдѣ собралась большая толпа любопытныхъ. Городская управа обсуждала вопросъ о мощеніи улицъ и устройствѣ освѣщенія въ окраинныхъ кварталахъ. Постановлено ассигновать необходимую сумму изъ запаснаго капитала. Въ засѣданіи присутствовали гласные и представители администраціи, которые высказались за скорѣйшее исполненіе работъ. Редакція получила письмо отъ группы жителей, жалующихся на неисправность водопровода и отсутствіе надлежащаго надзора за санитарнымъ состояніемъ рынковъ. Намъ сообщаютъ, что въ ближайшее время будетъ открыта новая школа для дѣтей рабочихъ, на что уже собраны пожертвованія. Засѣданіе общества попеченія о бѣдныхъ состоится въ воскресенье въ помѣщеніи городской думы, куда приглашаются всѣ члены и лица, сочувствующія дѣлу. Вчера въ городѣ произошло нѣсколько случаевъ, заслуживающихъ вниманія общества. Полиція приняла мѣры къ розыску виновныхъ, и дѣло передано судебному слѣдователю. По словамъ очевидцевъ, происшествіе случилось около полудня на главной улицѣ, гдѣ собралась большая толпа любопытныхъ. Городская управа обсуждала вопросъ о мощеніи улицъ и устройствѣ освѣщенія въ окраинныхъ кварталахъ. Постановлено ассигновать необходимую сумму изъ запаснаго капитала. Въ засѣданіи присутствовали гласные и представители администраціи, которые высказались за скорѣйшее исполненіе работъ. Редакція получила письмо отъ группы жителей, жалующихся на неисправность водопровода и отсутствіе надлежащаго надзора за санитарнымъ состояніемъ рынковъ. Намъ сообщаютъ, что въ ближайшее время будетъ открыта новая школа для дѣтей рабочихъ, на что уже собраны пожертвованія. Засѣданіе общества попеченія о бѣдныхъ состоится въ воскресенье въ помѣщеніи городской думы, куда приглашаются

ъ вниманія общества. Полиція приняла мѣры къ розыску виновныхъ, и дѣло передано судебному слѣдователю. По словамъ очевидцевъ, происшествіе случилось около полудня на главной улицѣ, гдѣ собралась большая толпа любопытныхъ. Городская управа обсуждала вопросъ о мощеніи улицъ и устройствѣ освѣщенія въ окраинныхъ кварталахъ. Постановлено ассигновать необходимую сумму изъ запаснаго капитала. Въ засѣданіи присутствовали гласные и представители администраціи, которые высказались за скорѣйшее исполненіе работъ. Редакція получила письмо отъ группы жителей, жалующихся на неисправность водопровода и отсутствіе надлежащаго надзора за санитарнымъ состояніемъ рынковъ. Намъ сообщаютъ, что въ ближайшее время будетъ открыта новая школа для дѣтей рабочихъ, на что уже собраны пожертвованія. Засѣданіе общества попеченія о бѣдныхъ состоится въ воскресенье въ помѣщеніи городской думы, куда приглашаются всѣ члены и лица, сочувствующія дѣлу. Вчера въ городѣ произошло нѣсколько случаевъ, заслуживающих ъ вниманія общества. Полиція приняла мѣры къ розыску виновныхъ, и дѣло передано судебному слѣдователю. По словамъ очевидцевъ, происшествіе случилось около полудня на главной улицѣ, гдѣ собралась большая толпа любопытныхъ. Городская управа обсуждала вопросъ о мощеніи улицъ и устройствѣ освѣщенія въ окраинныхъ кварталахъ. Постановлено ассигновать необходимую сумму изъ запаснаго капитала. Въ засѣданіи присутствовали гласные и представители администраціи, которые высказались за скорѣйшее исполненіе работъ. Редакція получила письмо отъ группы жителей, жалующихся на неисправность водопровода и отсутствіе надлежащаго надзора за санитарнымъ состояніемъ рынковъ. Намъ сообщаютъ, что въ ближайшее время будетъ открыта новая школа для дѣтей рабочихъ, на что уже собраны пожертвованія. Засѣданіе общества попеченія о бѣдныхъ состоится въ воскресенье въ помѣщеніи городской думы, куда приглашаются всѣ члены и лица, сочувствующія дѣлу. Вчера въ городѣ произошло нѣсколько случаевъ, заслуживающих

телю. По словамъ очевидцевъ, происшествіе случилось около полудня на главной улицѣ, гдѣ собралась большая толпа любопытныхъ. Городская управа обсуждала вопросъ о мощеніи улицъ и устройствѣ освѣщенія въ окраинныхъ кварталахъ. Постановлено ассигновать необходимую сумму изъ запаснаго капитала. Въ засѣданіи присутствовали гласные и представители администраціи, которые высказались за скорѣйшее исполненіе работъ. Редакція получила письмо отъ группы жителей, жалующихся на неисправность водопровода и отсутствіе надлежащаго надзора за санитарнымъ состояніемъ рынковъ. Намъ сообщаютъ, что въ ближайшее время будетъ открыта новая школа для дѣтей рабочихъ, на что уже собраны пожертвованія. Засѣданіе общества попеченія о бѣдныхъ состоится въ воскресенье въ помѣщеніи городской думы, куда приглашаются всѣ члены и лица, сочувствующія дѣлу. Вчера въ городѣ произошло нѣсколько случаевъ, заслуживающихъ вниманія общества. Полиція приняла мѣры къ розыску виновныхъ, и дѣло передано судебному слѣдова телю. По словамъ очевидцевъ, происшествіе случилось около полудня на главной улицѣ, гдѣ собралась большая толпа любопытныхъ. Городская управа обсуждала вопросъ о мощеніи улицъ и устройствѣ освѣщенія въ окраинныхъ кварталахъ. Постановлено ассигновать необходимую сумму изъ запаснаго капитала. Въ засѣданіи присутствовали гласные и представители администраціи, которые высказались за скорѣйшее исполненіе работъ. Редакція получила письмо отъ группы жителей, жалующихся на неисправность водопровода и отсутствіе надлежащаго надзора за санитарнымъ состояніемъ рынковъ. Намъ сообщаютъ, что въ ближайшее время будетъ открыта новая школа для дѣтей рабочихъ, на что уже собраны пожертвованія. Засѣданіе общества попеченія о бѣдныхъ состоится въ воскресенье въ помѣщеніи городской думы, куда приглашаются всѣ члены и лица, сочувствующія дѣлу. Вчера въ городѣ произошло нѣсколько случаевъ, заслуживающихъ вниманія общества. Полиція приняла мѣры къ розыску виновныхъ, и дѣло передано судебному слѣдова

большая толпа любопытныхъ. Городская управа обсуждала вопросъ о мощеніи улицъ и устройствѣ освѣщенія въ окраинныхъ кварталахъ. Постановлено ассигновать необходимую сумму изъ запаснаго капитала. Въ засѣданіи присутствовали гласные и представители администраціи, которые высказались за скорѣйшее исполненіе работъ. Редакція получила письмо отъ группы жителей, жалующихся на неисправность водопровода и отсутствіе надлежащаго надзора за санитарнымъ состояніемъ рынковъ. Намъ сообщаютъ, что въ ближайшее время будетъ открыта новая школа для дѣтей рабочихъ, на что уже собраны пожертвованія. Засѣданіе общества попеченія о бѣдныхъ состоится въ воскресенье въ помѣщеніи городской думы, куда приглашаются всѣ члены и лица, сочувствующія дѣлу. Вчера въ городѣ произошло нѣсколько случаевъ, заслуживающихъ вниманія общества. Полиція приняла мѣры къ розыску виновныхъ, и дѣло передано судебному слѣдователю. По словамъ очевидцевъ, происшествіе случилось около полудня на главной улицѣ, гдѣ собралась большая толпа любопытныхъ. Городская управа обсуждала вопросъ о мощеніи улицъ и устройствѣ освѣщенія въ окраинныхъ кварталахъ. Постановлено ассигновать необходимую сумму изъ запаснаго капитала. Въ засѣданіи присутствовали гласные и представители администраціи, которые высказались за скорѣйшее исполненіе работъ. Редакція получила письмо отъ группы жителей, жалующихся на неисправность водопровода и отсутствіе надлежащаго надзора за санитарнымъ состояніемъ рынковъ. Намъ сообщаютъ, что въ ближайшее время будетъ открыта новая школа для дѣтей рабочихъ, на что уже собраны пожертвованія. Засѣданіе общества попеченія о бѣдныхъ состоится въ воскресенье въ помѣщеніи городской думы, куда приглашаются всѣ члены и лица, сочувствующія дѣлу. Вчера въ городѣ произошло нѣсколько случаевъ, заслуживающихъ вниманія общества. Полиція приняла мѣры къ розыску виновныхъ, и дѣло передано судебному слѣдователю. По словамъ очевидцевъ, происшествіе случилось около полудня на главной улицѣ, гдѣ собралась

(Р. С.)
Конгрессъ сіонистовъ.

енія въ окраинныхъ кварталахъ. Постановлено ассигновать необходимую сумму изъ запаснаго капитала. Въ засѣданіи присутствовали гласные и представители администраціи, которые высказались за скорѣйшее исполненіе работъ. Редакція получила письмо отъ группы жителей, жалующихся на неисправность водопровода и отсутствіе надлежащаго надзора за санитарнымъ состояніемъ рынковъ. Намъ сообщаютъ, что въ ближайшее время будетъ открыта новая школа для дѣтей рабочихъ, на что уже собраны пожертвованія. Засѣданіе общества попеченія о бѣдныхъ состоится въ воскресенье въ помѣщеніи городской думы, куда приглашаются всѣ члены и лица, сочувствующія дѣлу. Вчера въ городѣ произошло нѣсколько случаевъ, заслуживающихъ вниманія общества. Полиція приняла мѣры къ розыску виновныхъ, и дѣло передано судебному слѣдователю. По словамъ очевидцевъ, происшествіе случилось около полудня на главной улицѣ, гдѣ собралась большая толпа любопытныхъ. Городская управа обсуждала вопросъ о мощеніи улицъ и устройствѣ освѣщ енія въ окраинныхъ кварталахъ. Постановлено ассигновать необходимую сумму изъ запаснаго капитала. Въ засѣданіи присутствовали гласные и представители администраціи, которые высказались за скорѣйшее исполненіе работъ. Редакція получила письмо отъ группы жителей, жалующихся на неисправность водопровода и отсутствіе надлежащаго надзора за санитарнымъ состояніемъ рынковъ. Намъ сообщаютъ, что въ ближайшее время будетъ открыта новая школа для дѣтей рабочихъ, на что уже собраны пожертвованія. Засѣданіе общества попеченія о бѣдныхъ состоится въ воскресенье въ помѣщеніи городской думы, куда приглашаются всѣ члены и лица, сочувствующія дѣлу. Вчера въ городѣ произошло нѣсколько случаевъ, заслуживающихъ вниманія общества. Полиція приняла мѣры къ розыску виновныхъ, и дѣло передано судебному слѣдователю. По словамъ очевидцевъ, происшествіе случилось около полудня на главной улицѣ, гдѣ собралась большая толпа любопытныхъ. Городская управа обсуждала вопросъ о мощеніи улицъ и устройствѣ освѣщ

Въ засѣданіи присутствовали гласные и представители администраціи, которые высказались за скорѣйшее исполненіе работъ. Редакція получила письмо отъ группы жителей, жалующихся на неисправность водопровода и отсутствіе надлежащаго надзора за санитарнымъ состояніемъ рынковъ. Намъ сообщаютъ, что въ ближайшее время будетъ открыта новая школа для дѣтей рабочихъ, на что уже собраны пожертвованія. Засѣданіе общества попеченія о бѣдныхъ состоится въ воскресенье въ помѣщеніи городской думы, куда приглашаются всѣ члены и лица, сочувствующія дѣлу. Вчера въ городѣ произошло нѣсколько случаевъ, заслуживающихъ вниманія общества. Полиція приняла мѣры къ розыску виновныхъ, и дѣло передано судебному слѣдователю. По словамъ очевидцевъ, происшествіе случилось около полудня на главной улицѣ, гдѣ собралась большая толпа любопытныхъ. Городская управа обсуждала вопросъ о мощеніи улицъ и устройствѣ освѣщенія въ окраинныхъ кварталахъ. Постановлено ассигновать необходимую сумму изъ запаснаго капитала. Въ засѣданіи присутствовали гласные и представители администраціи, которые высказались за скорѣйшее исполненіе работъ. Редакція получила письмо отъ группы жителей, жалующихся на неисправность водопровода и отсутствіе надлежащаго надзора за санитарнымъ состояніемъ рынковъ. Намъ сообщаютъ, что въ ближайшее время будетъ открыта новая школа для дѣтей рабочихъ, на что уже собраны пожертвованія. Засѣданіе общества попеченія о бѣдныхъ состоится въ воскресенье въ помѣщеніи городской думы, куда приглашаются всѣ члены и лица, сочувствующія дѣлу. Вчера въ городѣ произошло нѣсколько случаевъ, заслуживающихъ вниманія общества. Полиція приняла мѣры къ розыску виновныхъ, и дѣло передано судебному слѣдователю. По словамъ очевидцевъ, происшествіе случилось около полудня на главной улицѣ, гдѣ собралась большая толпа любопытныхъ. Городская управа обсуждала вопросъ о мощеніи улицъ и устройствѣ освѣщенія въ окраинныхъ кварталахъ. Постановлено ассигновать необходимую сумму изъ запаснаго капитала.
